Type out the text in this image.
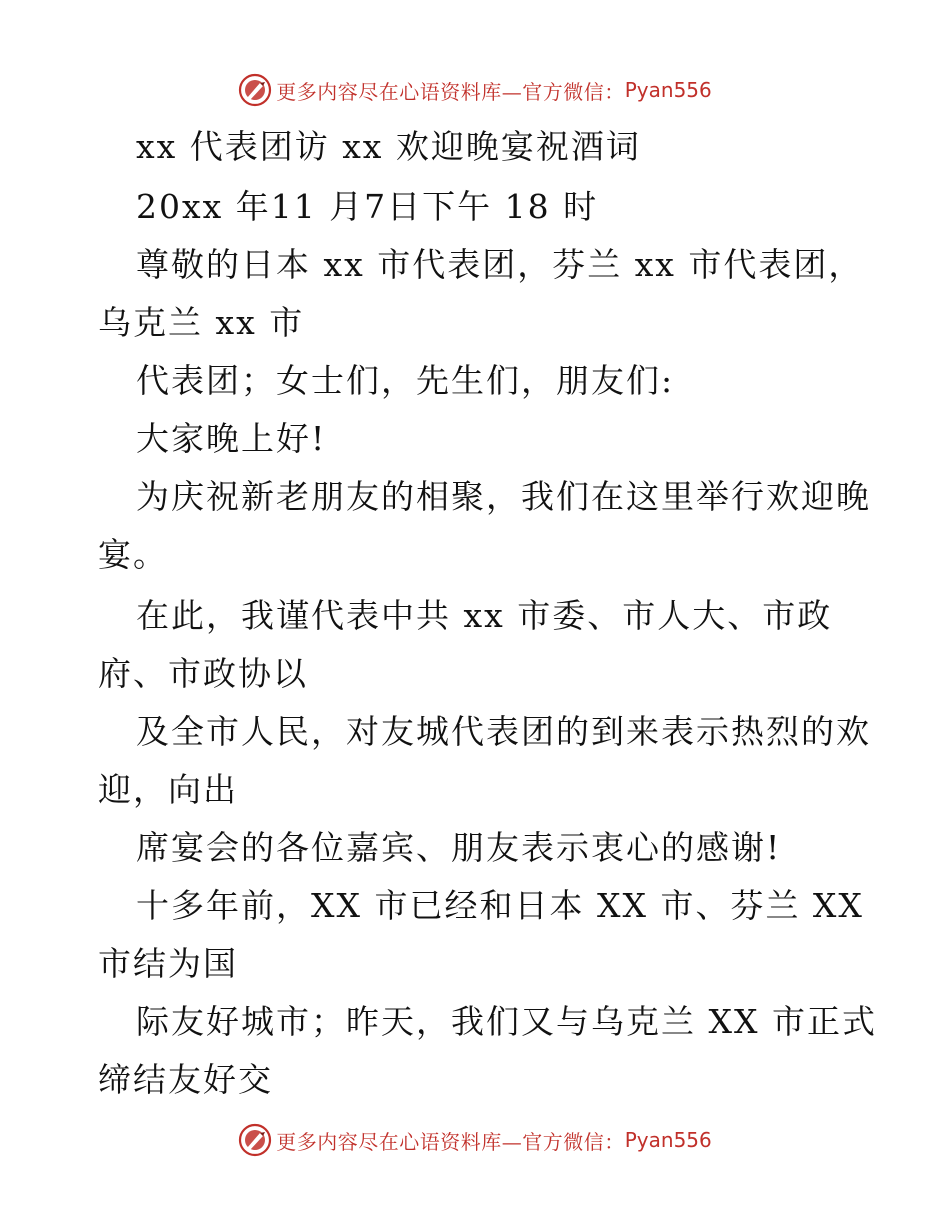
更多内容尽在心语资料库—官方微信： Pyan556
xx 代表团访 xx 欢迎晚宴祝酒词
20xx 年11 月7日下午 18 时
尊敬的日本 xx 市代表团，芬兰 xx 市代表团，
乌克兰 xx 市
代表团；女士们，先生们，朋友们:
大家晚上好!
为庆祝新老朋友的相聚，我们在这里举行欢迎晚
宴。
在此，我谨代表中共 xx 市委、市人大、市政
府、市政协以
及全市人民，对友城代表团的到来表示热烈的欢
迎，向出
席宴会的各位嘉宾、朋友表示衷心的感谢!
十多年前，XX 市已经和日本 XX 市、芬兰 XX
市结为国
际友好城市；昨天，我们又与乌克兰 XX 市正式
缔结友好交
更多内容尽在心语资料库—官方微信： Pyan556
